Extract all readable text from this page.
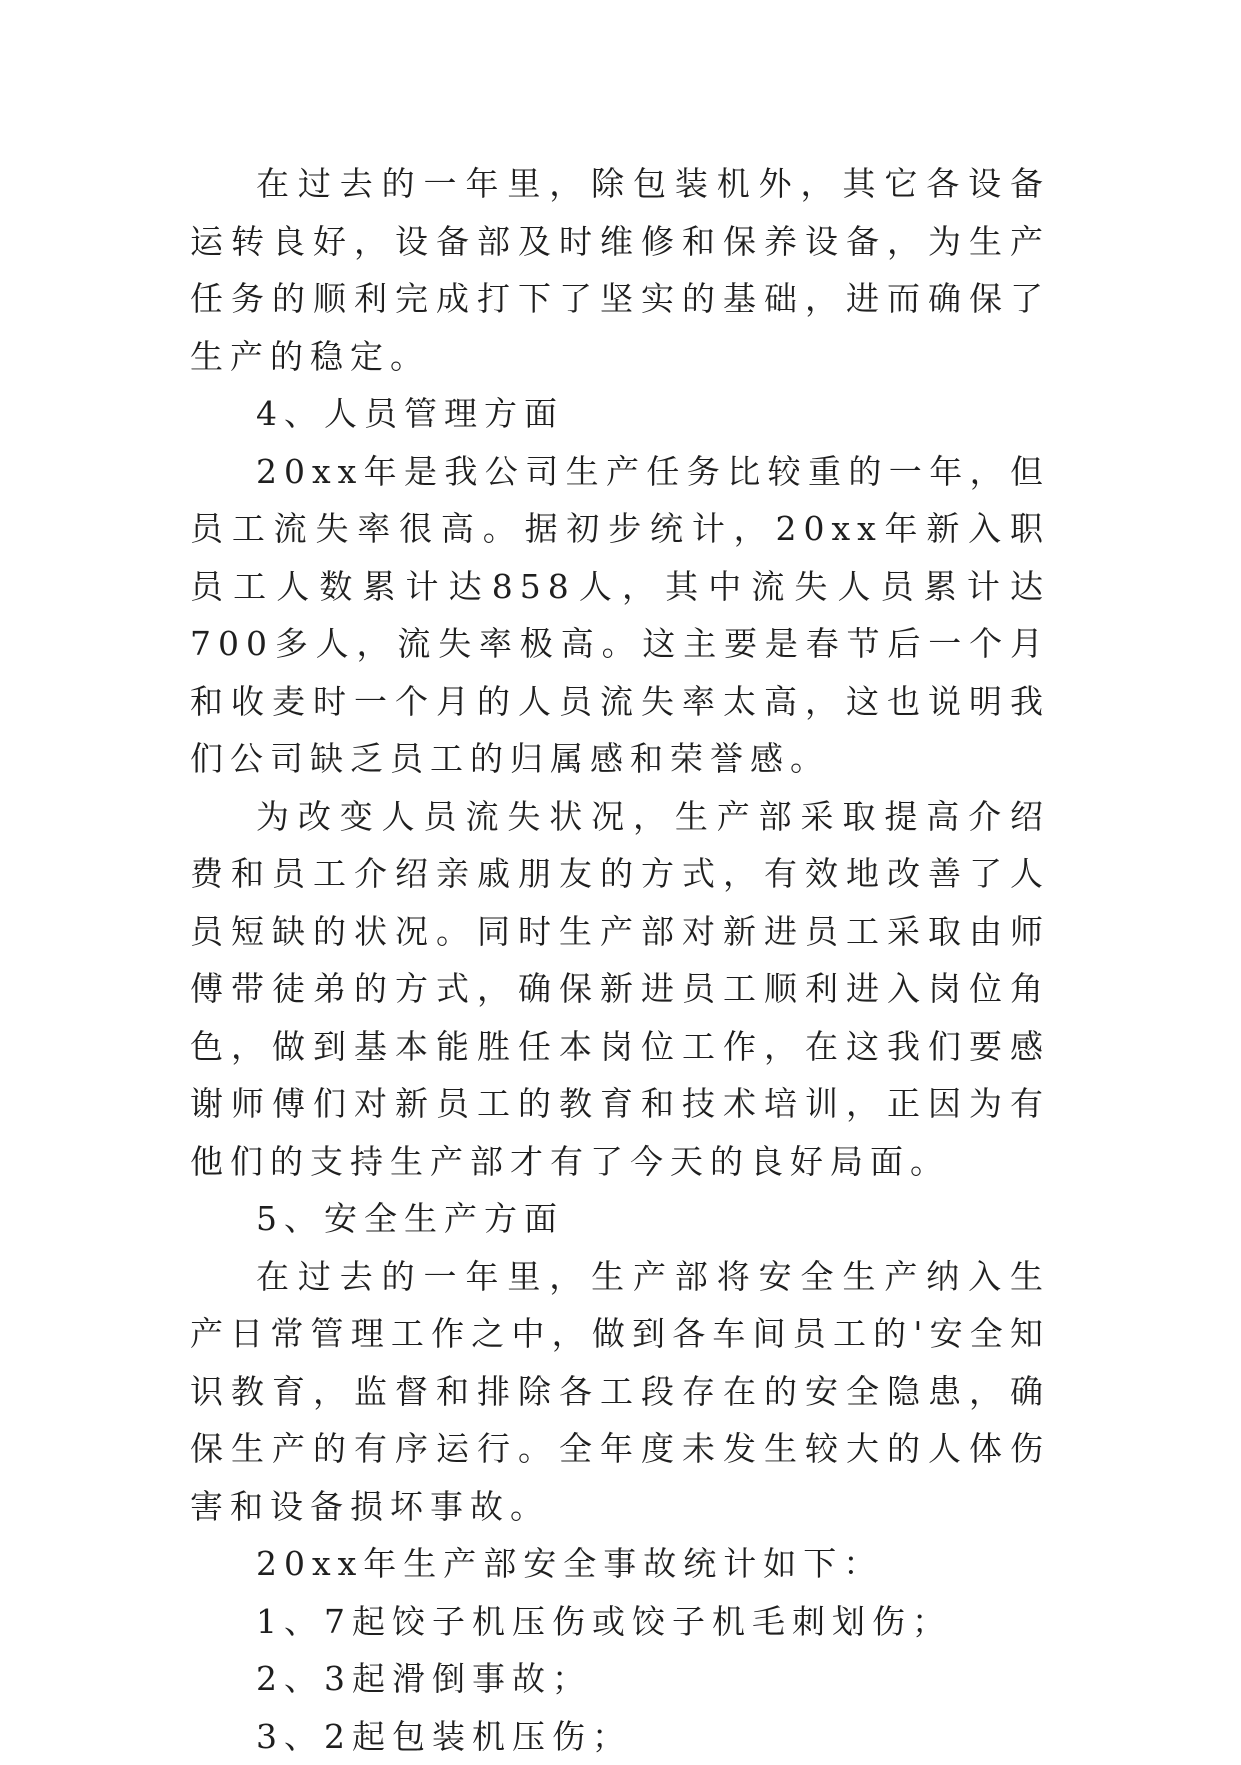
在过去的一年里，除包装机外，其它各设备运转良好，设备部及时维修和保养设备，为生产任务的顺利完成打下了坚实的基础，进而确保了生产的稳定。

4、人员管理方面

20xx年是我公司生产任务比较重的一年，但员工流失率很高。据初步统计，20xx年新入职员工人数累计达858人，其中流失人员累计达700多人，流失率极高。这主要是春节后一个月和收麦时一个月的人员流失率太高，这也说明我们公司缺乏员工的归属感和荣誉感。

为改变人员流失状况，生产部采取提高介绍费和员工介绍亲戚朋友的方式，有效地改善了人员短缺的状况。同时生产部对新进员工采取由师傅带徒弟的方式，确保新进员工顺利进入岗位角色，做到基本能胜任本岗位工作，在这我们要感谢师傅们对新员工的教育和技术培训，正因为有他们的支持生产部才有了今天的良好局面。

5、安全生产方面

在过去的一年里，生产部将安全生产纳入生产日常管理工作之中，做到各车间员工的'安全知识教育，监督和排除各工段存在的安全隐患，确保生产的有序运行。全年度未发生较大的人体伤害和设备损坏事故。

20xx年生产部安全事故统计如下：

1、7起饺子机压伤或饺子机毛刺划伤；

2、3起滑倒事故；

3、2起包装机压伤；
